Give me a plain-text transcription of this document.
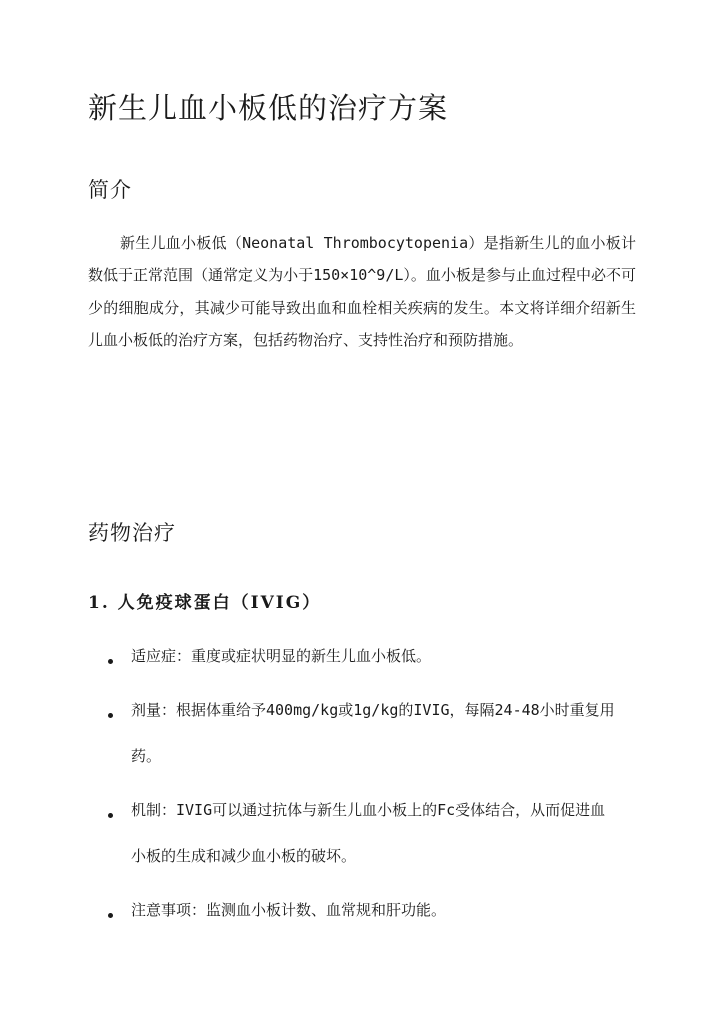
新生儿血小板低的治疗方案
简介

新生儿血小板低（Neonatal Thrombocytopenia）是指新生儿的血小板计数低于正常范围（通常定义为小于150×10^9/L）。血小板是参与止血过程中必不可少的细胞成分，其减少可能导致出血和血栓相关疾病的发生。本文将详细介绍新生儿血小板低的治疗方案，包括药物治疗、支持性治疗和预防措施。

药物治疗
1. 人免疫球蛋白（IVIG）
适应症：重度或症状明显的新生儿血小板低。
剂量：根据体重给予400mg/kg或1g/kg的IVIG，每隔24-48小时重复用药。
机制：IVIG可以通过抗体与新生儿血小板上的Fc受体结合，从而促进血小板的生成和减少血小板的破坏。
注意事项：监测血小板计数、血常规和肝功能。
